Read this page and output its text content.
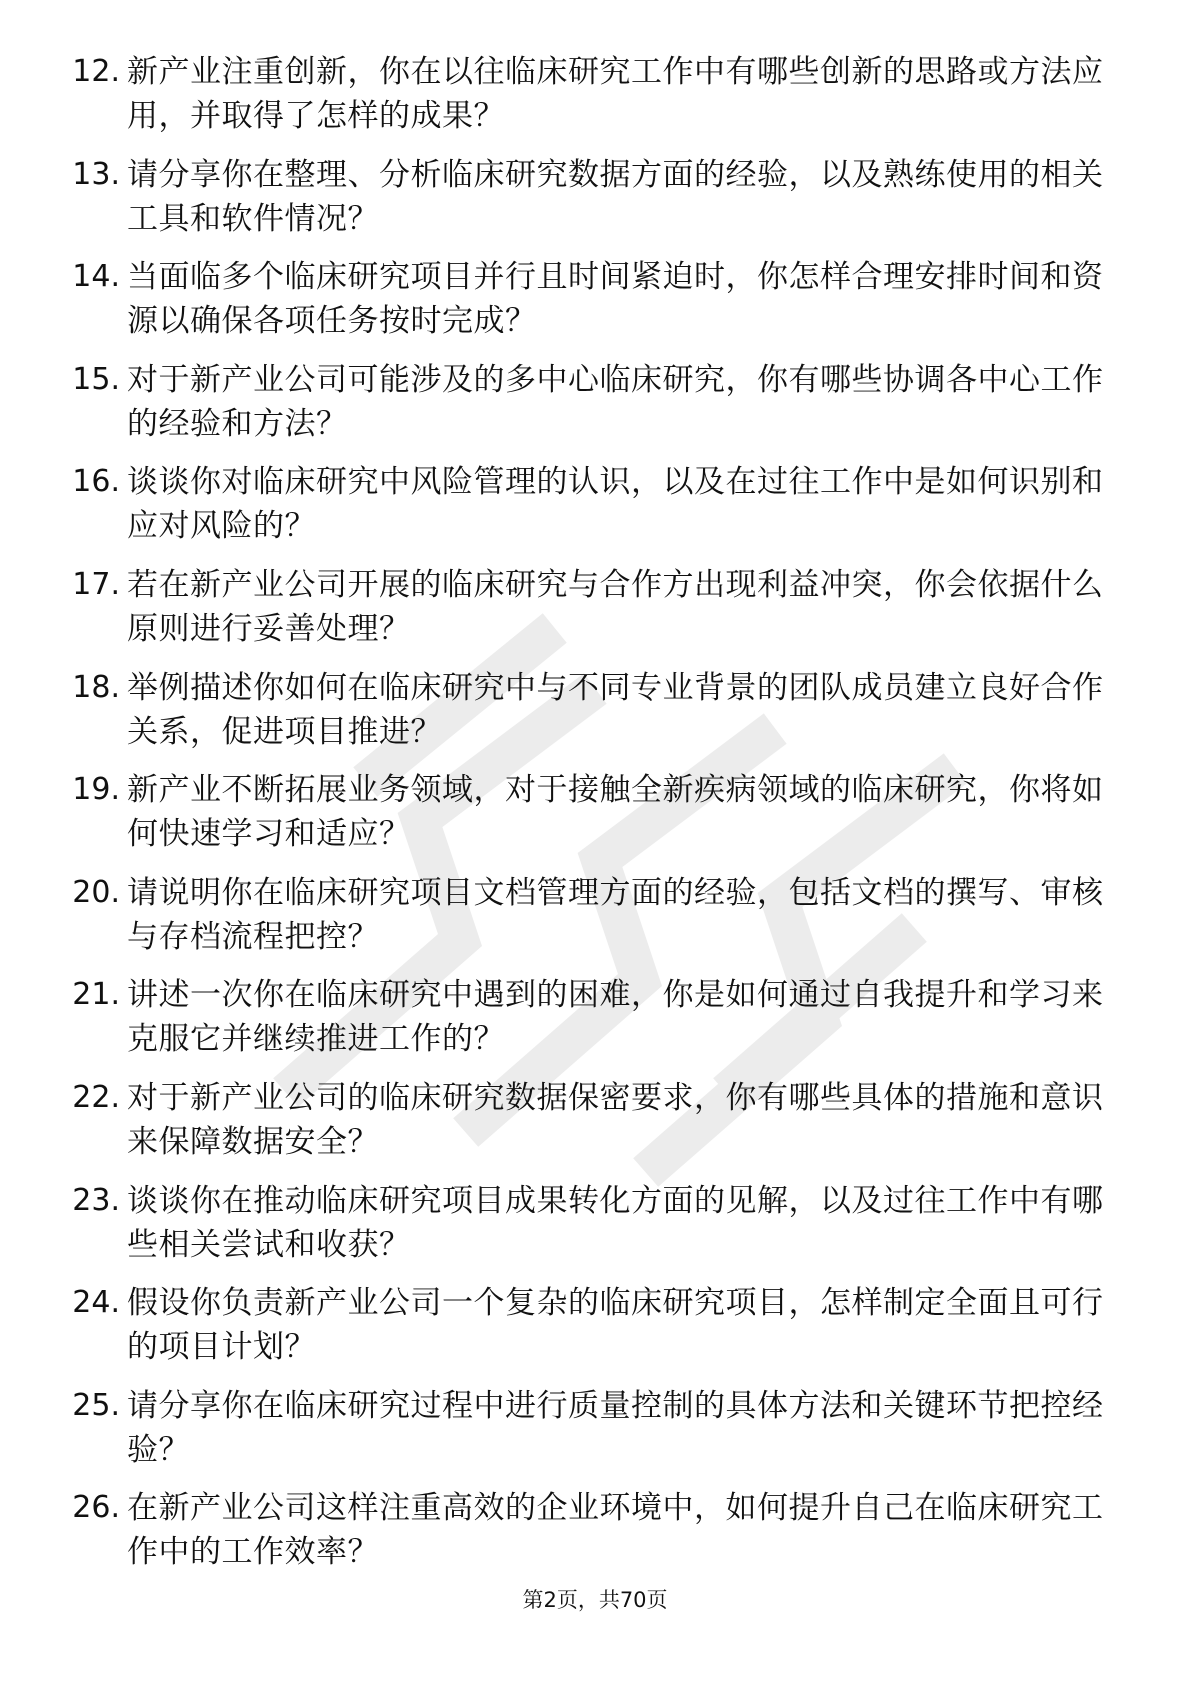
12. 新产业注重创新，你在以往临床研究工作中有哪些创新的思路或方法应用，并取得了怎样的成果？
13. 请分享你在整理、分析临床研究数据方面的经验，以及熟练使用的相关工具和软件情况？
14. 当面临多个临床研究项目并行且时间紧迫时，你怎样合理安排时间和资源以确保各项任务按时完成？
15. 对于新产业公司可能涉及的多中心临床研究，你有哪些协调各中心工作的经验和方法？
16. 谈谈你对临床研究中风险管理的认识，以及在过往工作中是如何识别和应对风险的？
17. 若在新产业公司开展的临床研究与合作方出现利益冲突，你会依据什么原则进行妥善处理？
18. 举例描述你如何在临床研究中与不同专业背景的团队成员建立良好合作关系，促进项目推进？
19. 新产业不断拓展业务领域，对于接触全新疾病领域的临床研究，你将如何快速学习和适应？
20. 请说明你在临床研究项目文档管理方面的经验，包括文档的撰写、审核与存档流程把控？
21. 讲述一次你在临床研究中遇到的困难，你是如何通过自我提升和学习来克服它并继续推进工作的？
22. 对于新产业公司的临床研究数据保密要求，你有哪些具体的措施和意识来保障数据安全？
23. 谈谈你在推动临床研究项目成果转化方面的见解，以及过往工作中有哪些相关尝试和收获？
24. 假设你负责新产业公司一个复杂的临床研究项目，怎样制定全面且可行的项目计划？
25. 请分享你在临床研究过程中进行质量控制的具体方法和关键环节把控经验？
26. 在新产业公司这样注重高效的企业环境中，如何提升自己在临床研究工作中的工作效率？
第2页，共70页
